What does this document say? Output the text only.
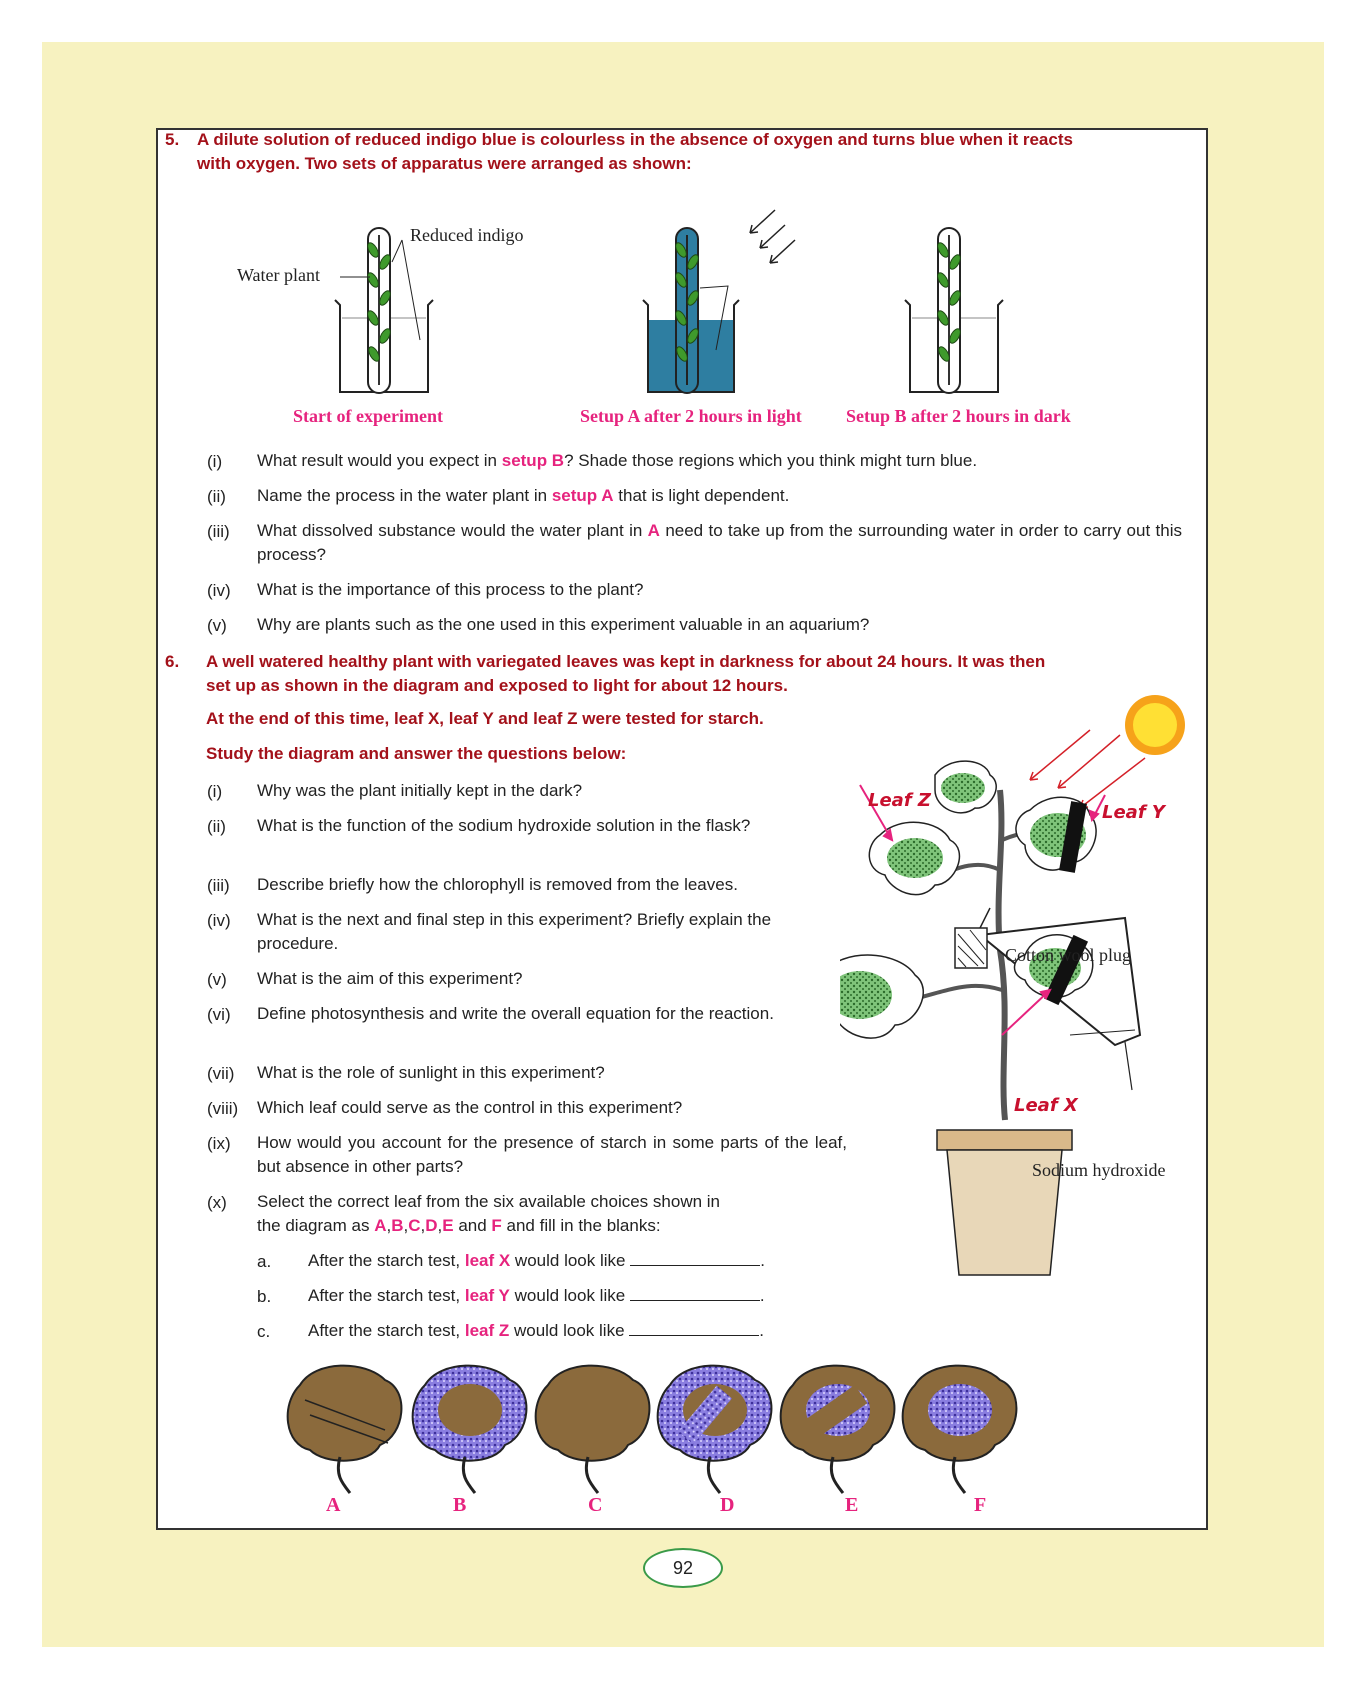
5. A dilute solution of reduced indigo blue is colourless in the absence of oxygen and turns blue when it reacts
with oxygen. Two sets of apparatus were arranged as shown:
Reduced indigo
Water plant
Start of experiment	Setup A after 2 hours in light Setup B after 2 hours in dark
(i) What result would you expect in setup B? Shade those regions which you think might turn blue.
(ii) Name the process in the water plant in setup A that is light dependent.
(iii) What dissolved substance would the water plant in A need to take up from the surrounding water in order to carry out this process?
(iv) What is the importance of this process to the plant?
(v) Why are plants such as the one used in this experiment valuable in an aquarium?
6. A well watered healthy plant with variegated leaves was kept in darkness for about 24 hours. It was then
set up as shown in the diagram and exposed to light for about 12 hours.
At the end of this time, leaf X, leaf Y and leaf Z were tested for starch.
Study the diagram and answer the questions below:
(i) Why was the plant initially kept in the dark?
(ii) What is the function of the sodium hydroxide solution in the flask?
(iii) Describe briefly how the chlorophyll is removed from the leaves.
(iv) What is the next and final step in this experiment? Briefly explain the procedure.
(v) What is the aim of this experiment?
(vi) Define photosynthesis and write the overall equation for the reaction.
(vii) What is the role of sunlight in this experiment?
(viii) Which leaf could serve as the control in this experiment?
(ix) How would you account for the presence of starch in some parts of the leaf, but absence in other parts?
(x) Select the correct leaf from the six available choices shown in
the diagram as A,B,C,D,E and F and fill in the blanks:
a. After the starch test, leaf X would look like	.
b. After the starch test, leaf Y would look like	.
c. After the starch test, leaf Z would look like	.
Leaf Z
Leaf Y
Leaf X
Cotton wool plug
Sodium hydroxide
A	B	C	D	E	F
92
